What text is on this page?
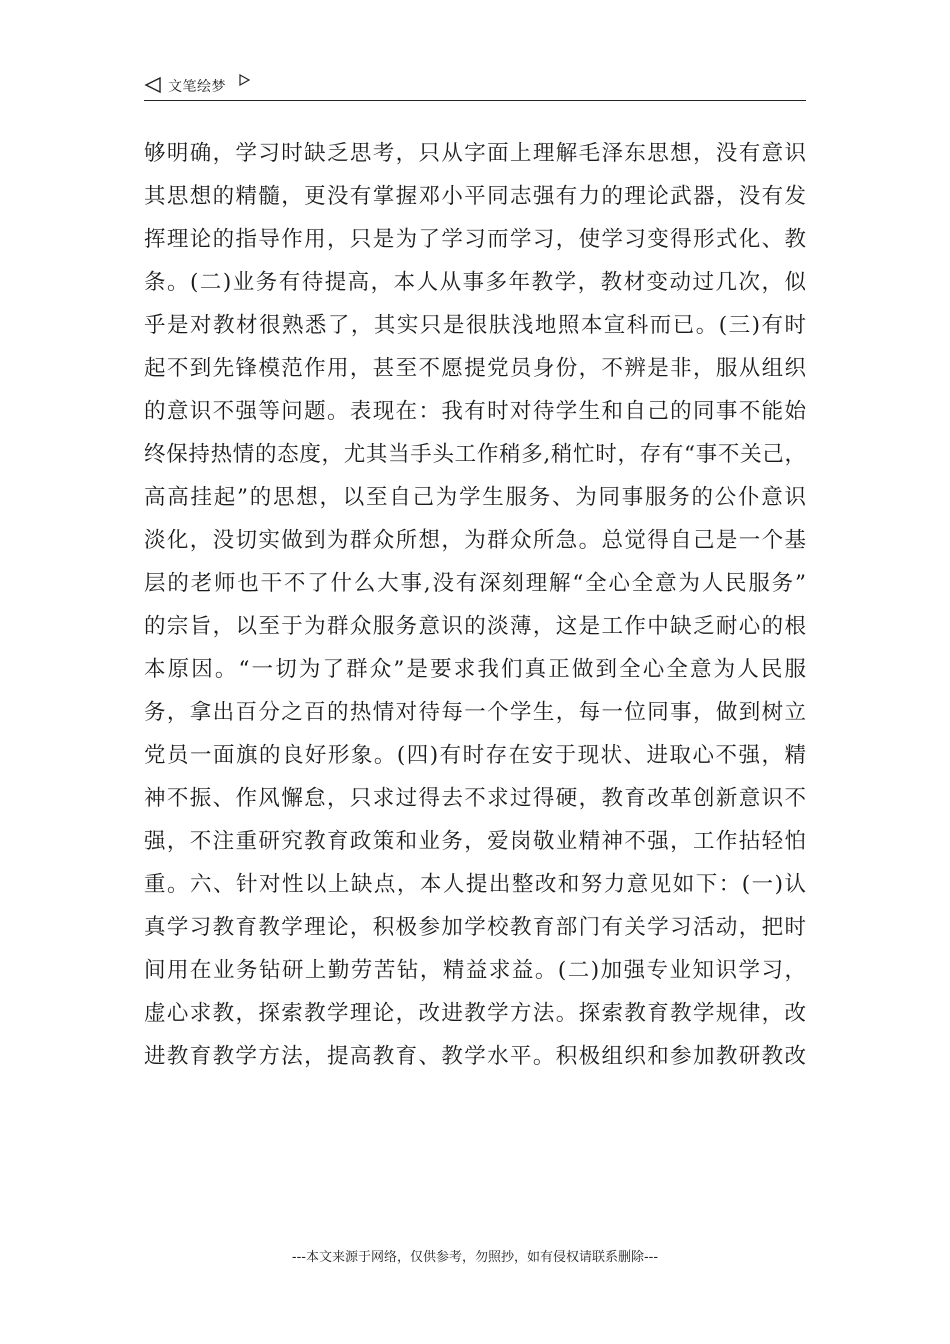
文笔绘梦
够明确，学习时缺乏思考，只从字面上理解毛泽东思想，没有意识
其思想的精髓，更没有掌握邓小平同志强有力的理论武器，没有发
挥理论的指导作用，只是为了学习而学习，使学习变得形式化、教
条。(二)业务有待提高，本人从事多年教学，教材变动过几次，似
乎是对教材很熟悉了，其实只是很肤浅地照本宣科而已。(三)有时
起不到先锋模范作用，甚至不愿提党员身份，不辨是非，服从组织
的意识不强等问题。表现在：我有时对待学生和自己的同事不能始
终保持热情的态度，尤其当手头工作稍多,稍忙时，存有“事不关己，
高高挂起”的思想，以至自己为学生服务、为同事服务的公仆意识
淡化，没切实做到为群众所想，为群众所急。总觉得自己是一个基
层的老师也干不了什么大事,没有深刻理解“全心全意为人民服务”
的宗旨，以至于为群众服务意识的淡薄，这是工作中缺乏耐心的根
本原因。“一切为了群众”是要求我们真正做到全心全意为人民服
务，拿出百分之百的热情对待每一个学生，每一位同事，做到树立
党员一面旗的良好形象。(四)有时存在安于现状、进取心不强，精
神不振、作风懈怠，只求过得去不求过得硬，教育改革创新意识不
强，不注重研究教育政策和业务，爱岗敬业精神不强，工作拈轻怕
重。六、针对性以上缺点，本人提出整改和努力意见如下：(一)认
真学习教育教学理论，积极参加学校教育部门有关学习活动，把时
间用在业务钻研上勤劳苦钻，精益求益。(二)加强专业知识学习，
虚心求教，探索教学理论，改进教学方法。探索教育教学规律，改
进教育教学方法，提高教育、教学水平。积极组织和参加教研教改
---本文来源于网络，仅供参考，勿照抄，如有侵权请联系删除---
